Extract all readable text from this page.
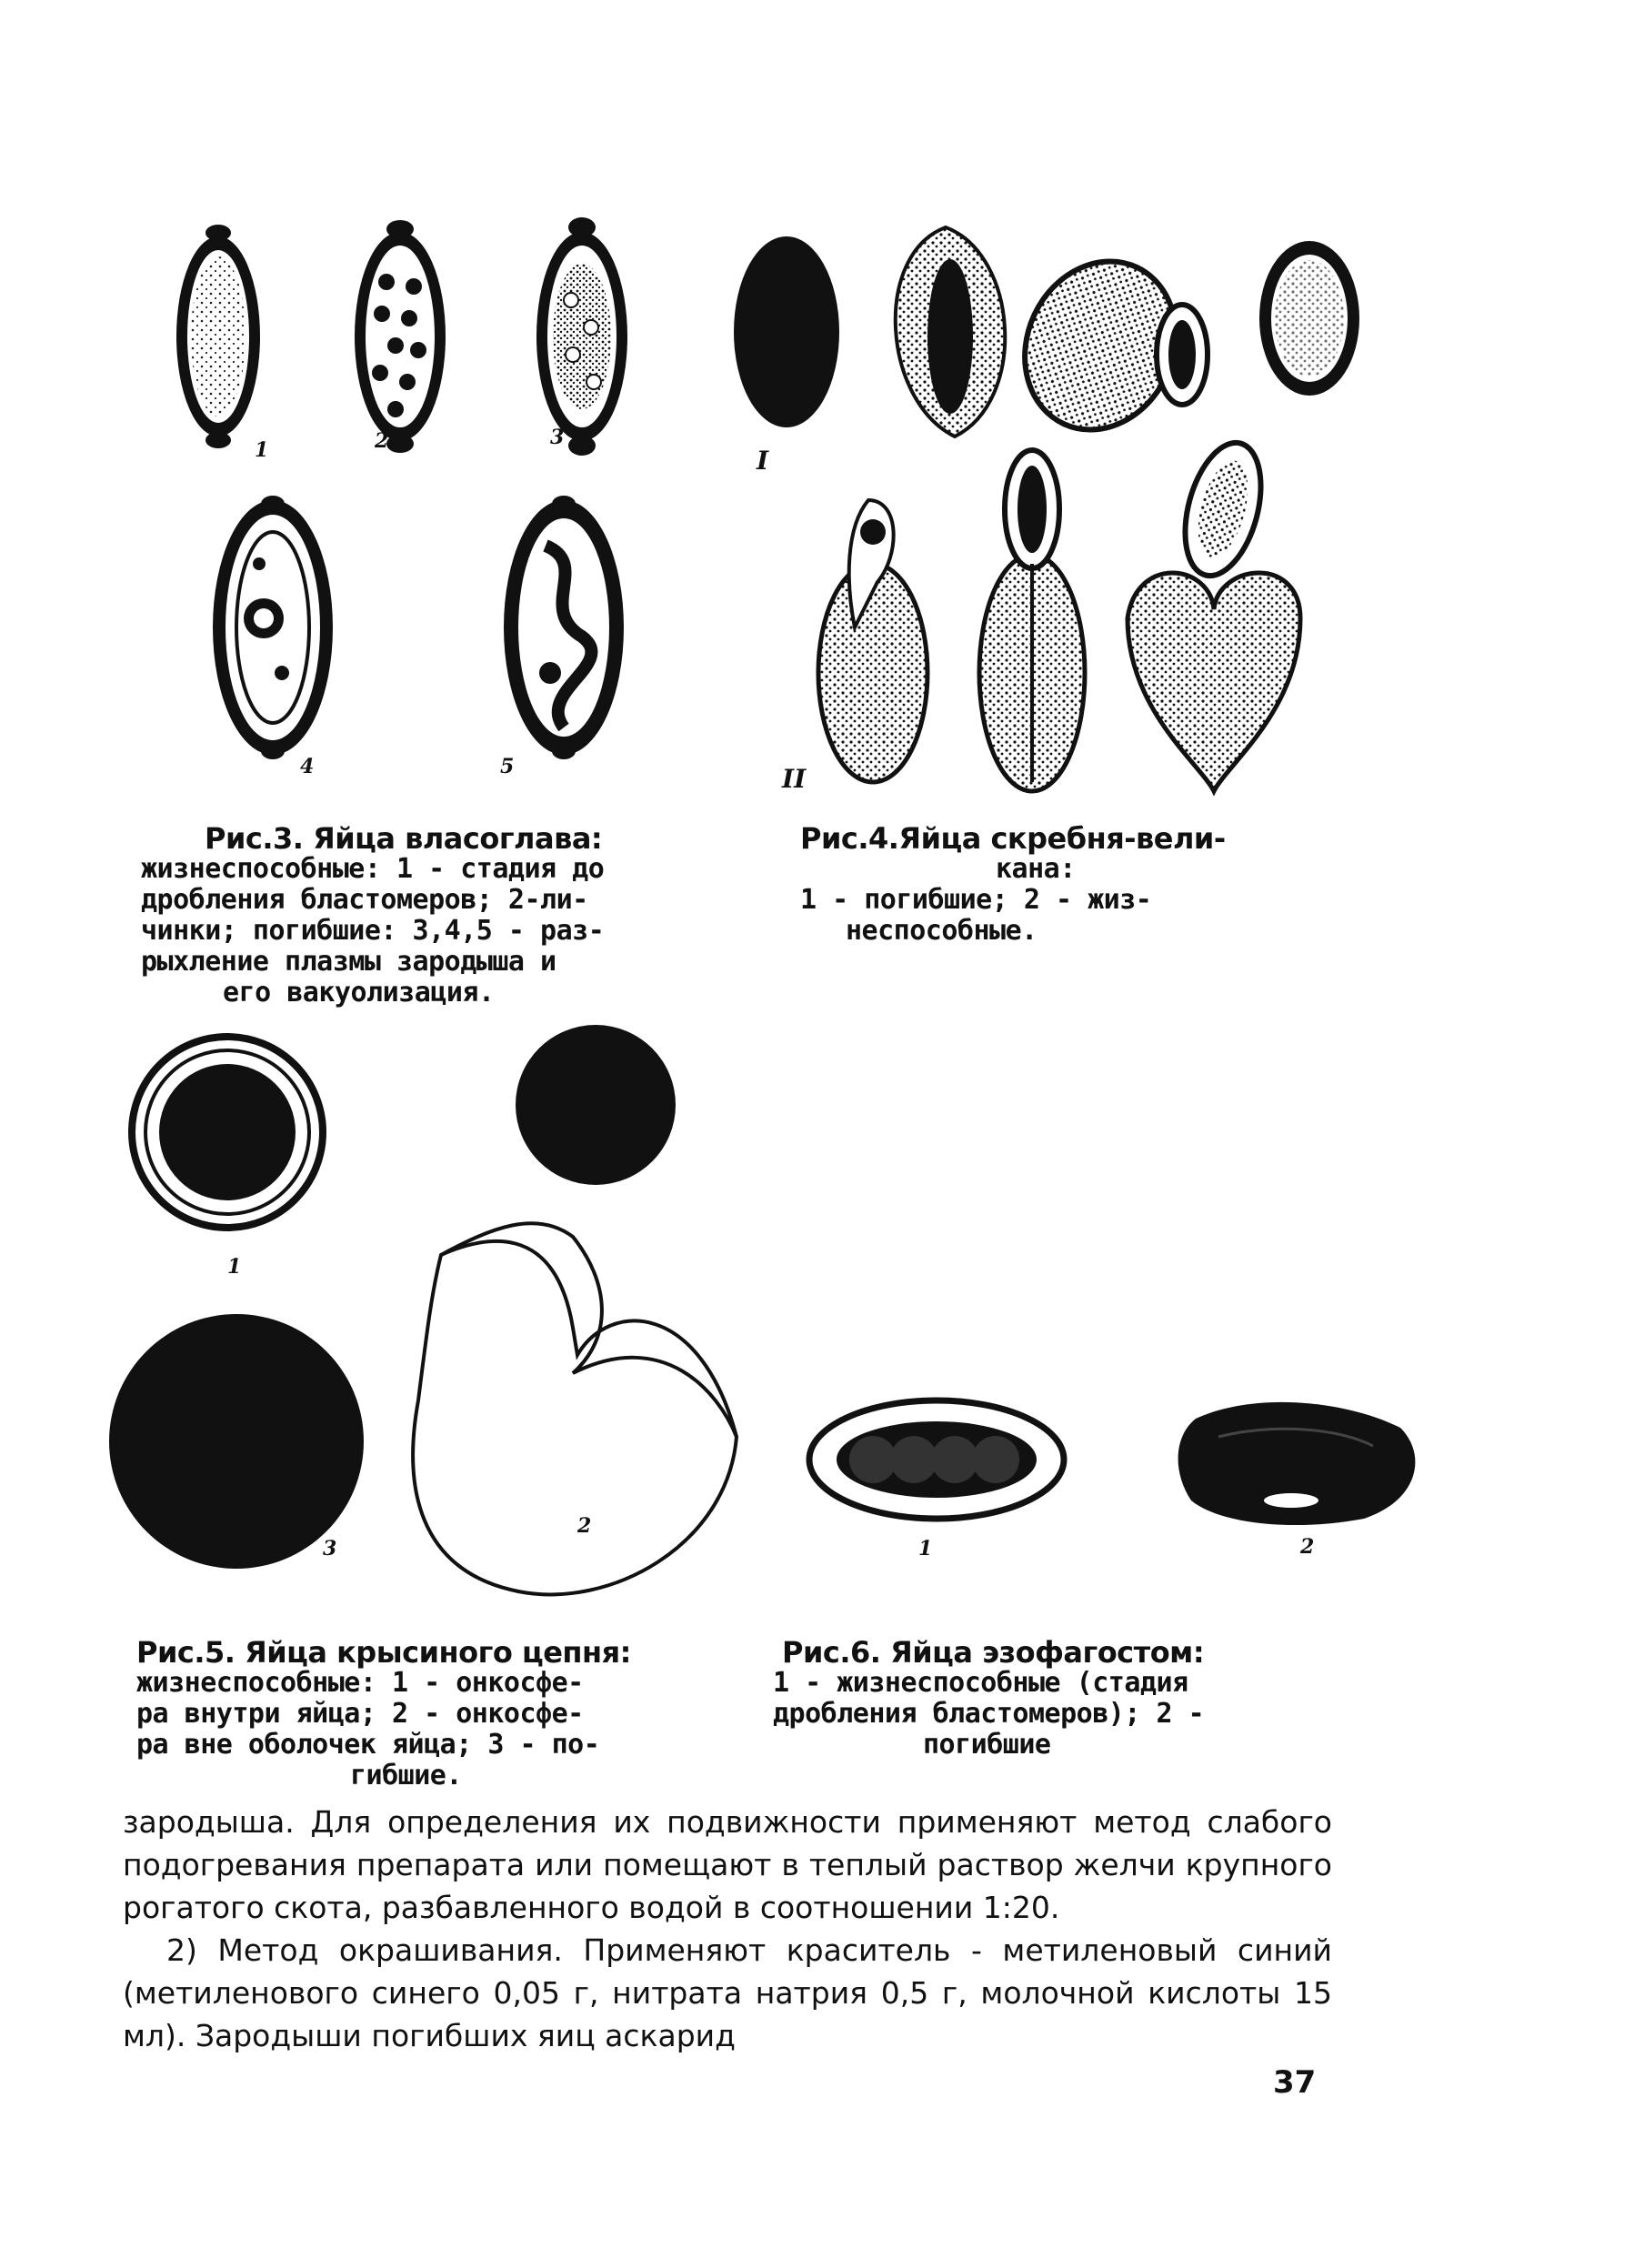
1	2	3
4	5
Рис.3. Яйца власоглава:
жизнеспособные: 1 - стадия до
дробления бластомеров; 2-ли-
чинки; погибшие: 3,4,5 - раз-
рыхление плазмы зародыша и
его вакуолизация.
I
II
Рис.4.Яйца скребня-вели-
кана:
1 - погибшие; 2 - жиз-
неспособные.
1
2
3
Рис.5. Яйца крысиного цепня:
жизнеспособные: 1 - онкосфе-
ра внутри яйца; 2 - онкосфе-
ра вне оболочек яйца; 3 - по-
гибшие.
1	2
Рис.6. Яйца эзофагостом:
1 - жизнеспособные (стадия
дробления бластомеров); 2 -
погибшие

зародыша. Для определения их подвижности применяют метод слабого подогревания препарата или помещают в теплый раствор желчи крупного рогатого скота, разбавленного водой в соотношении 1:20.

2) Метод окрашивания. Применяют краситель - метиленовый синий (метиленового синего 0,05 г, нитрата натрия 0,5 г, молочной кислоты 15 мл). Зародыши погибших яиц аскарид

37
